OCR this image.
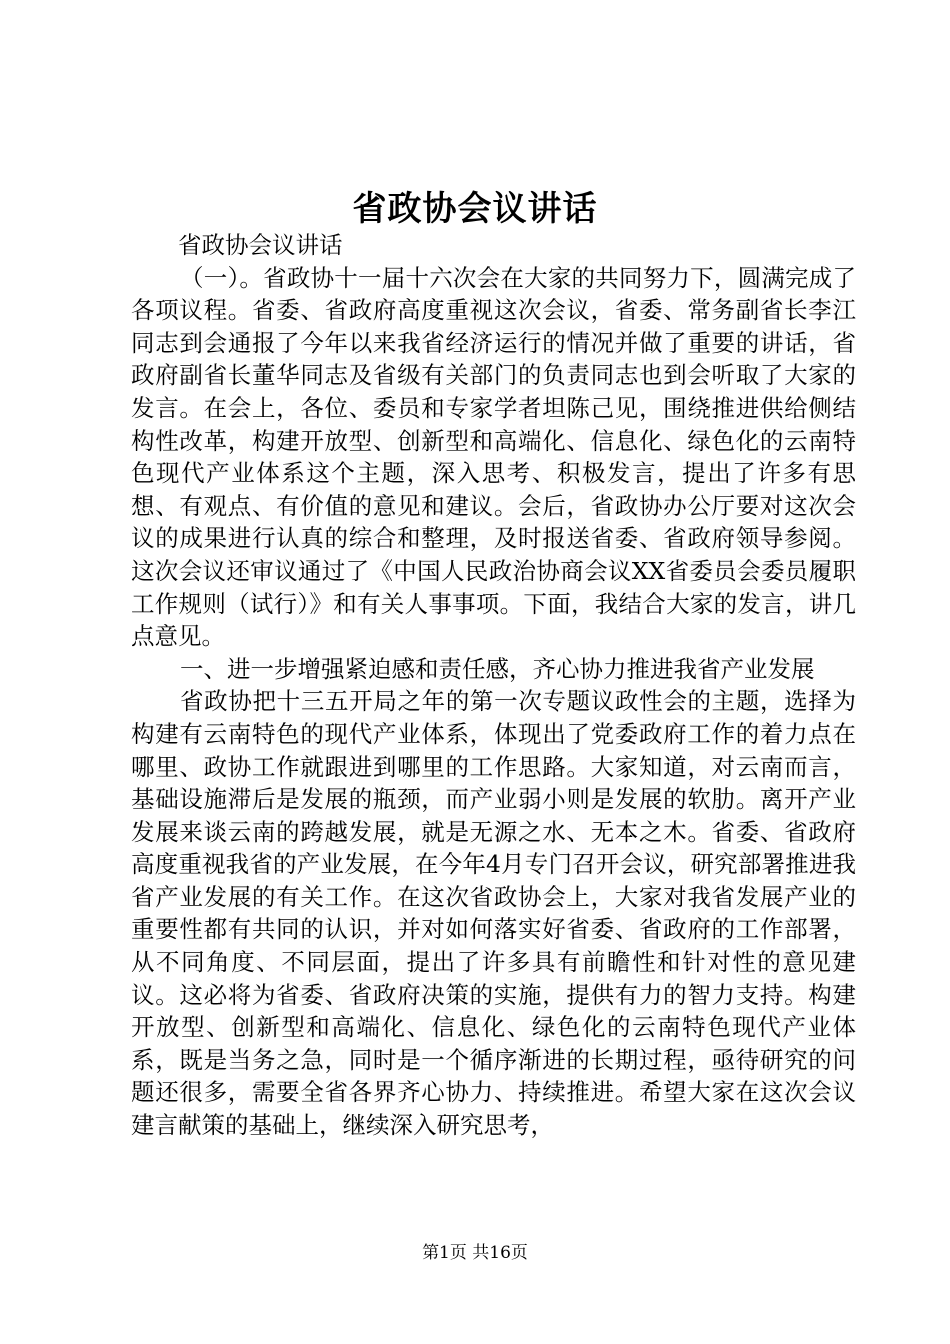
省政协会议讲话

省政协会议讲话

（一）。省政协十一届十六次会在大家的共同努力下，圆满完成了各项议程。省委、省政府高度重视这次会议，省委、常务副省长李江同志到会通报了今年以来我省经济运行的情况并做了重要的讲话，省政府副省长董华同志及省级有关部门的负责同志也到会听取了大家的发言。在会上，各位、委员和专家学者坦陈己见，围绕推进供给侧结构性改革，构建开放型、创新型和高端化、信息化、绿色化的云南特色现代产业体系这个主题，深入思考、积极发言，提出了许多有思想、有观点、有价值的意见和建议。会后，省政协办公厅要对这次会议的成果进行认真的综合和整理，及时报送省委、省政府领导参阅。这次会议还审议通过了《中国人民政治协商会议XX省委员会委员履职工作规则（试行）》和有关人事事项。下面，我结合大家的发言，讲几点意见。

一、进一步增强紧迫感和责任感，齐心协力推进我省产业发展

省政协把十三五开局之年的第一次专题议政性会的主题，选择为构建有云南特色的现代产业体系，体现出了党委政府工作的着力点在哪里、政协工作就跟进到哪里的工作思路。大家知道，对云南而言，基础设施滞后是发展的瓶颈，而产业弱小则是发展的软肋。离开产业发展来谈云南的跨越发展，就是无源之水、无本之木。省委、省政府高度重视我省的产业发展，在今年4月专门召开会议，研究部署推进我省产业发展的有关工作。在这次省政协会上，大家对我省发展产业的重要性都有共同的认识，并对如何落实好省委、省政府的工作部署，从不同角度、不同层面，提出了许多具有前瞻性和针对性的意见建议。这必将为省委、省政府决策的实施，提供有力的智力支持。构建开放型、创新型和高端化、信息化、绿色化的云南特色现代产业体系，既是当务之急，同时是一个循序渐进的长期过程，亟待研究的问题还很多，需要全省各界齐心协力、持续推进。希望大家在这次会议建言献策的基础上，继续深入研究思考，

第1页 共16页
